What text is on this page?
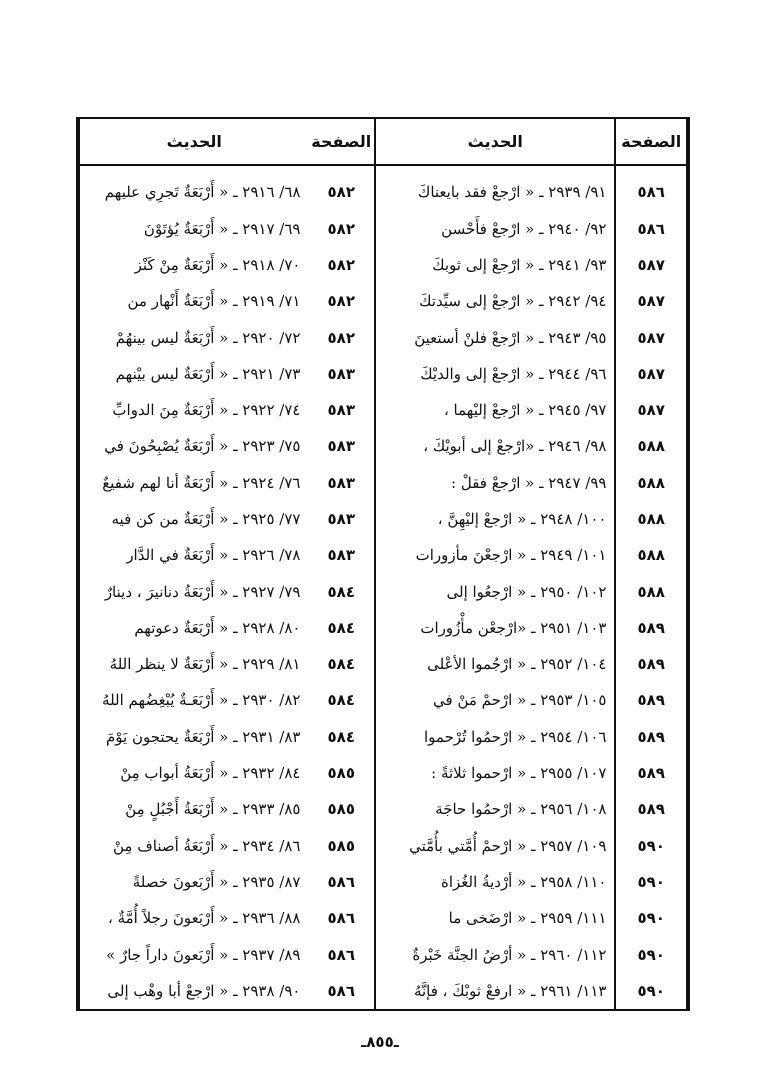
الحديث
٦٨/ ٢٩١٦ ـ « أَرْبَعَةٌ تَجرِي عليهم
٦٩/ ٢٩١٧ ـ « أَرْبَعَةٌ يُؤتَوْنَ
٧٠/ ٢٩١٨ ـ « أَرْبَعَةٌ مِنْ كَنْز
٧١/ ٢٩١٩ ـ « أَرْبَعَةٌ أَنْهار من
٧٢/ ٢٩٢٠ ـ « أَرْبَعَةٌ ليس بينهُمْ
٧٣/ ٢٩٢١ ـ « أَرْبَعَةٌ ليس بيْنهم
٧٤/ ٢٩٢٢ ـ « أَرْبَعَةٌ مِنَ الدوابِّ
٧٥/ ٢٩٢٣ ـ « أَرْبَعَةٌ يُصْبِحُونَ في
٧٦/ ٢٩٢٤ ـ « أَرْبَعَةٌ أنا لهم شفيعٌ
٧٧/ ٢٩٢٥ ـ « أَرْبَعَةٌ من كن فيه
٧٨/ ٢٩٢٦ ـ « أَرْبَعَةٌ في الدَّار
٧٩/ ٢٩٢٧ ـ « أَرْبَعَةُ دنانيرَ ، دينارٌ
٨٠/ ٢٩٢٨ ـ « أَرْبَعَةٌ دعوتهم
٨١/ ٢٩٢٩ ـ « أَرْبَعَةٌ لا ينظر اللهُ
٨٢/ ٢٩٣٠ ـ « أَرْبَعَـةٌ يُبْغِضُهم اللهُ
٨٣/ ٢٩٣١ ـ « أَرْبَعَةٌ يحتجون يَوْمَ
٨٤/ ٢٩٣٢ ـ « أَرْبَعَةُ أبواب مِنْ
٨٥/ ٢٩٣٣ ـ « أَرْبَعَةُ أَجْبُلٍ مِنْ
٨٦/ ٢٩٣٤ ـ « أَرْبَعَةُ أصناف مِنْ
٨٧/ ٢٩٣٥ ـ « أَرْبَعونَ خصلةً
٨٨/ ٢٩٣٦ ـ « أَرْبَعونَ رجلاً أُمَّةٌ ،
٨٩/ ٢٩٣٧ ـ « أَرْبَعونَ داراً جارٌ »
٩٠/ ٢٩٣٨ ـ « ارْجعْ أبا وهْب إلى
الصفحة
٥٨٢
٥٨٢
٥٨٢
٥٨٢
٥٨٢
٥٨٣
٥٨٣
٥٨٣
٥٨٣
٥٨٣
٥٨٣
٥٨٤
٥٨٤
٥٨٤
٥٨٤
٥٨٤
٥٨٥
٥٨٥
٥٨٥
٥٨٦
٥٨٦
٥٨٦
٥٨٦
الحديث
٩١/ ٢٩٣٩ ـ « ارْجعْ فقد بايعناكَ
٩٢/ ٢٩٤٠ ـ « ارْجعْ فأَحْسن
٩٣/ ٢٩٤١ ـ « ارْجعْ إلى ثوبكَ
٩٤/ ٢٩٤٢ ـ « ارْجعْ إلى سيِّدتكَ
٩٥/ ٢٩٤٣ ـ « ارْجعْ فلنْ أستعينَ
٩٦/ ٢٩٤٤ ـ « ارْجعْ إلى والديْكَ
٩٧/ ٢٩٤٥ ـ « ارْجعْ إليْهما ،
٩٨/ ٢٩٤٦ ـ «ارْجعْ إلى أبويْكَ ،
٩٩/ ٢٩٤٧ ـ « ارْجعْ فقلْ :
١٠٠/ ٢٩٤٨ ـ « ارْجعْ إليْهِنَّ ،
١٠١/ ٢٩٤٩ ـ « ارْجعْنَ مأزورات
١٠٢/ ٢٩٥٠ ـ « ارْجعُوا إلى
١٠٣/ ٢٩٥١ ـ «ارْجعْن مأْزُورات
١٠٤/ ٢٩٥٢ ـ « ارْجُموا الأعْلى
١٠٥/ ٢٩٥٣ ـ « ارْحمْ مَنْ في
١٠٦/ ٢٩٥٤ ـ « ارْحمُوا تُرْحموا
١٠٧/ ٢٩٥٥ ـ « ارْحموا ثلاثةً :
١٠٨/ ٢٩٥٦ ـ « ارْحمُوا حاجَة
١٠٩/ ٢٩٥٧ ـ « ارْحمْ أُمَّتي بأُمَّتي
١١٠/ ٢٩٥٨ ـ « أرْديةُ الغُزاة
١١١/ ٢٩٥٩ ـ « ارْضَخى ما
١١٢/ ٢٩٦٠ ـ « أرْضُ الجنَّة خَبْرةٌ
١١٣/ ٢٩٦١ ـ « ارفعْ ثوبْكَ ، فإنَّهُ
الصفحة
٥٨٦
٥٨٦
٥٨٧
٥٨٧
٥٨٧
٥٨٧
٥٨٧
٥٨٨
٥٨٨
٥٨٨
٥٨٨
٥٨٨
٥٨٩
٥٨٩
٥٨٩
٥٨٩
٥٨٩
٥٨٩
٥٩٠
٥٩٠
٥٩٠
٥٩٠
٥٩٠
ـ٨٥٥ـ
